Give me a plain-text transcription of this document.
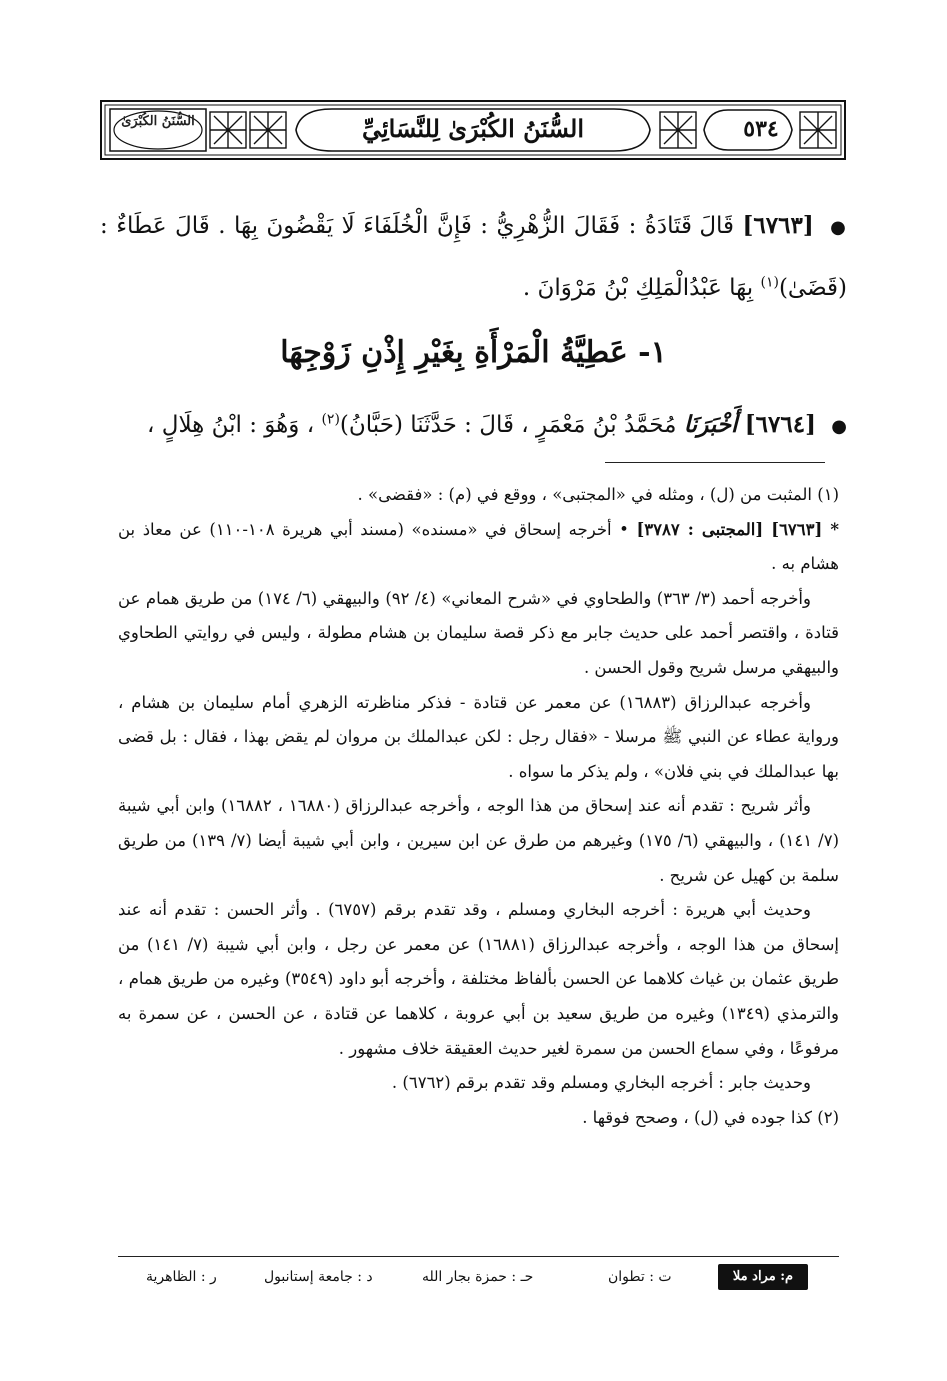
السُّنَنُ الكُبْرَىٰ	السُّنَنُ الكُبْرَىٰ لِلنَّسَائِيِّ	٥٣٤

● [٦٧٦٣] قَالَ قَتَادَةُ : فَقَالَ الزُّهْرِيُّ : فَإِنَّ الْخُلَفَاءَ لَا يَقْضُونَ بِهَا . قَالَ عَطَاءٌ : (قَضَىٰ)$^{(١)}$ بِهَا عَبْدُالْمَلِكِ بْنُ مَرْوَانَ .

١- عَطِيَّةُ الْمَرْأَةِ بِغَيْرِ إِذْنِ زَوْجِهَا
● [٦٧٦٤] أَخْبَرَنَا مُحَمَّدُ بْنُ مَعْمَرٍ ، قَالَ : حَدَّثَنَا (حَبَّانُ)$^{(٢)}$ ، وَهُوَ : ابْنُ هِلَالٍ ،

(١) المثبت من (ل) ، ومثله في «المجتبى» ، ووقع في (م) : «فقضى» .

* [٦٧٦٣] [المجتبى : ٣٧٨٧] • أخرجه إسحاق في «مسنده» (مسند أبي هريرة ١٠٨-١١٠) عن معاذ بن هشام به .

وأخرجه أحمد (٣/ ٣٦٣) والطحاوي في «شرح المعاني» (٤/ ٩٢) والبيهقي (٦/ ١٧٤) من طريق همام عن قتادة ، واقتصر أحمد على حديث جابر مع ذكر قصة سليمان بن هشام مطولة ، وليس في روايتي الطحاوي والبيهقي مرسل شريح وقول الحسن .

وأخرجه عبدالرزاق (١٦٨٨٣) عن معمر عن قتادة - فذكر مناظرته الزهري أمام سليمان بن هشام ، ورواية عطاء عن النبي ﷺ مرسلا - «فقال رجل : لكن عبدالملك بن مروان لم يقض بهذا ، فقال : بل قضى بها عبدالملك في بني فلان» ، ولم يذكر ما سواه .

وأثر شريح : تقدم أنه عند إسحاق من هذا الوجه ، وأخرجه عبدالرزاق (١٦٨٨٠ ، ١٦٨٨٢) وابن أبي شيبة (٧/ ١٤١) ، والبيهقي (٦/ ١٧٥) وغيرهم من طرق عن ابن سيرين ، وابن أبي شيبة أيضا (٧/ ١٣٩) من طريق سلمة بن كهيل عن شريح .

وحديث أبي هريرة : أخرجه البخاري ومسلم ، وقد تقدم برقم (٦٧٥٧) . وأثر الحسن : تقدم أنه عند إسحاق من هذا الوجه ، وأخرجه عبدالرزاق (١٦٨٨١) عن معمر عن رجل ، وابن أبي شيبة (٧/ ١٤١) من طريق عثمان بن غياث كلاهما عن الحسن بألفاظ مختلفة ، وأخرجه أبو داود (٣٥٤٩) وغيره من طريق همام ، والترمذي (١٣٤٩) وغيره من طريق سعيد بن أبي عروبة ، كلاهما عن قتادة ، عن الحسن ، عن سمرة به مرفوعًا ، وفي سماع الحسن من سمرة لغير حديث العقيقة خلاف مشهور .

وحديث جابر : أخرجه البخاري ومسلم وقد تقدم برقم (٦٧٦٢) .

(٢) كذا جوده في (ل) ، وصحح فوقها .

م: مراد ملا
ت : تطوان
حـ : حمزة بجار الله
د : جامعة إستانبول
ر : الظاهرية
